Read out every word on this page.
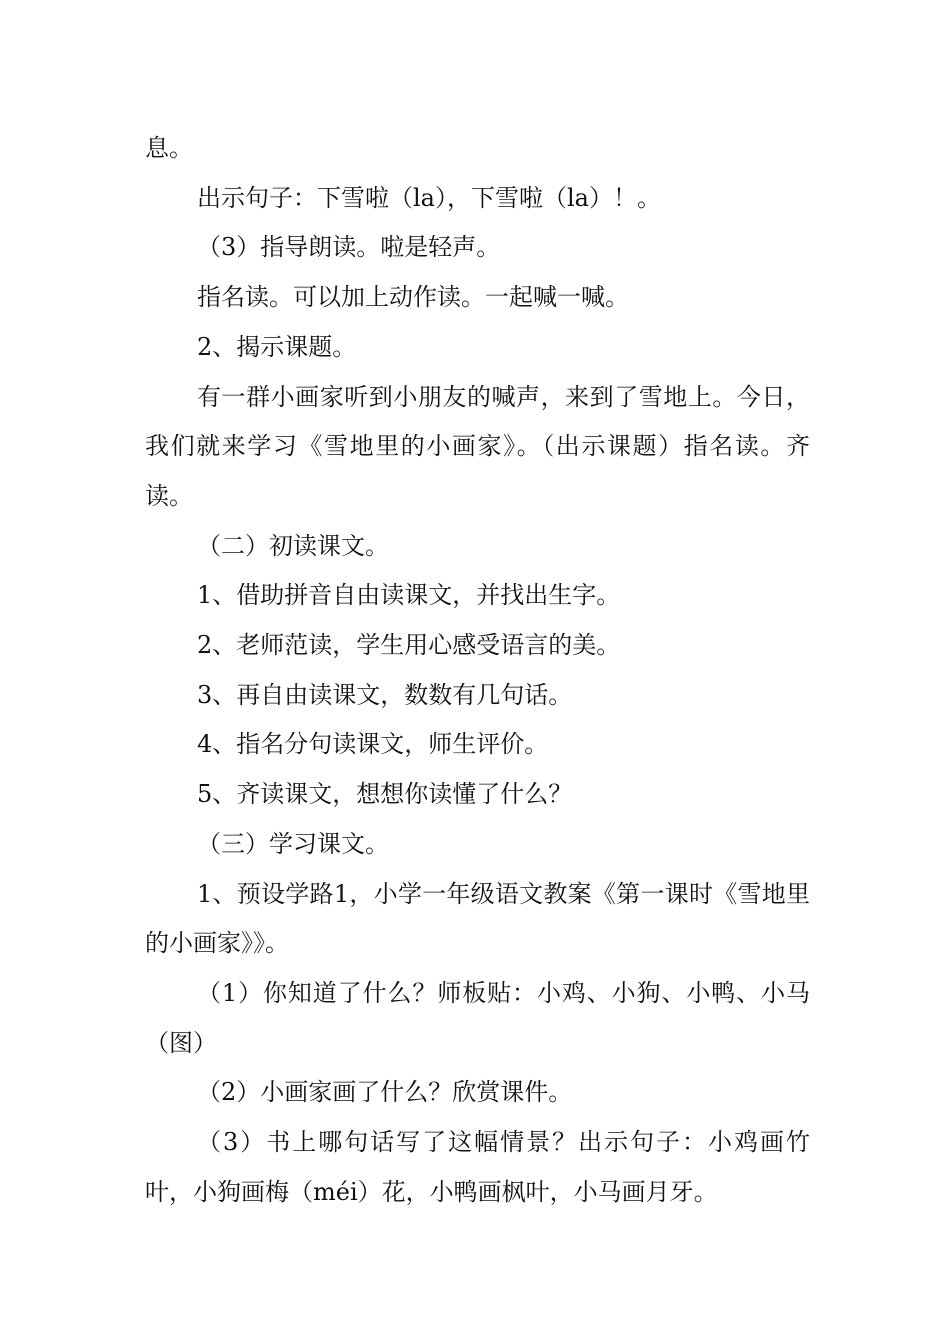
息。

出示句子：下雪啦（la），下雪啦（la）！。

（3）指导朗读。啦是轻声。

指名读。可以加上动作读。一起喊一喊。

2、揭示课题。

有一群小画家听到小朋友的喊声，来到了雪地上。今日，我们就来学习《雪地里的小画家》。（出示课题）指名读。齐读。

（二）初读课文。

1、借助拼音自由读课文，并找出生字。

2、老师范读，学生用心感受语言的美。

3、再自由读课文，数数有几句话。

4、指名分句读课文，师生评价。

5、齐读课文，想想你读懂了什么？

（三）学习课文。

1、预设学路1，小学一年级语文教案《第一课时《雪地里的小画家》》。

（1）你知道了什么？师板贴：小鸡、小狗、小鸭、小马（图）

（2）小画家画了什么？欣赏课件。

（3）书上哪句话写了这幅情景？出示句子：小鸡画竹叶，小狗画梅（méi）花，小鸭画枫叶，小马画月牙。
